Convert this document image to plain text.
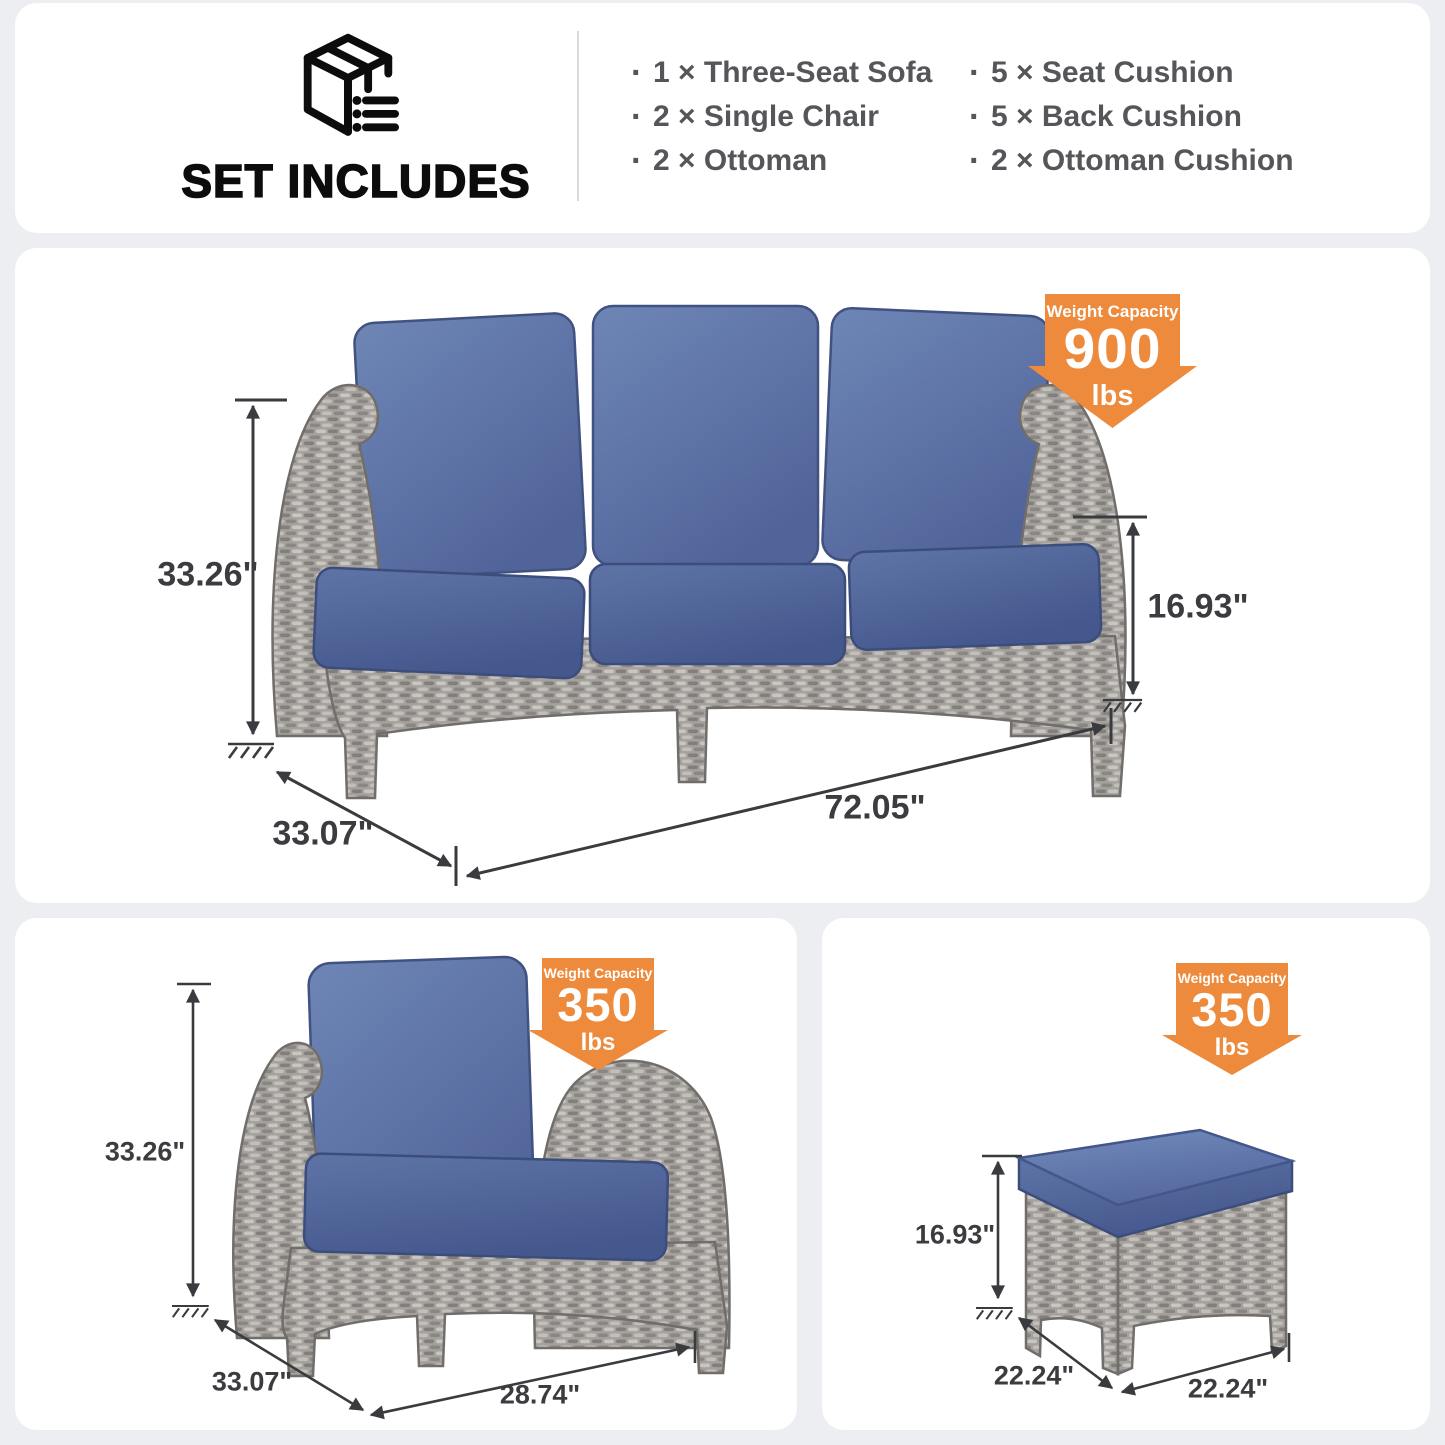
SET INCLUDES
· 1 × Three-Seat Sofa
· 2 × Single Chair
· 2 × Ottoman
· 5 × Seat Cushion
· 5 × Back Cushion
· 2 × Ottoman Cushion
33.26"
16.93"
33.07"
72.05"
Weight Capacity
900
lbs
33.26"
33.07"	28.74"
Weight Capacity
350
lbs
16.93"
22.24"	22.24"
Weight Capacity
350
lbs
